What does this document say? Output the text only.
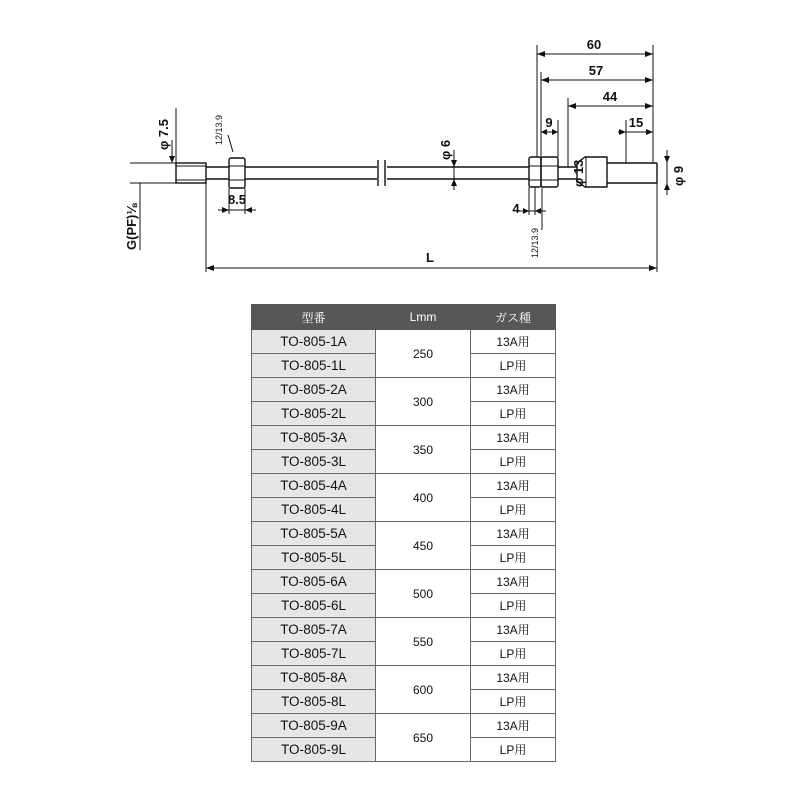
φ 7.5	12/13.9
G(PF)⅛
8.5
φ 6
L
60
57
44
9	15
φ 13	φ 9
4
12/13.9
型番	Lmm	ガス種
TO-805-1A	250	13A用
TO-805-1L		LP用
TO-805-2A	300	13A用
TO-805-2L		LP用
TO-805-3A	350	13A用
TO-805-3L		LP用
TO-805-4A	400	13A用
TO-805-4L		LP用
TO-805-5A	450	13A用
TO-805-5L		LP用
TO-805-6A	500	13A用
TO-805-6L		LP用
TO-805-7A	550	13A用
TO-805-7L		LP用
TO-805-8A	600	13A用
TO-805-8L		LP用
TO-805-9A	650	13A用
TO-805-9L		LP用
